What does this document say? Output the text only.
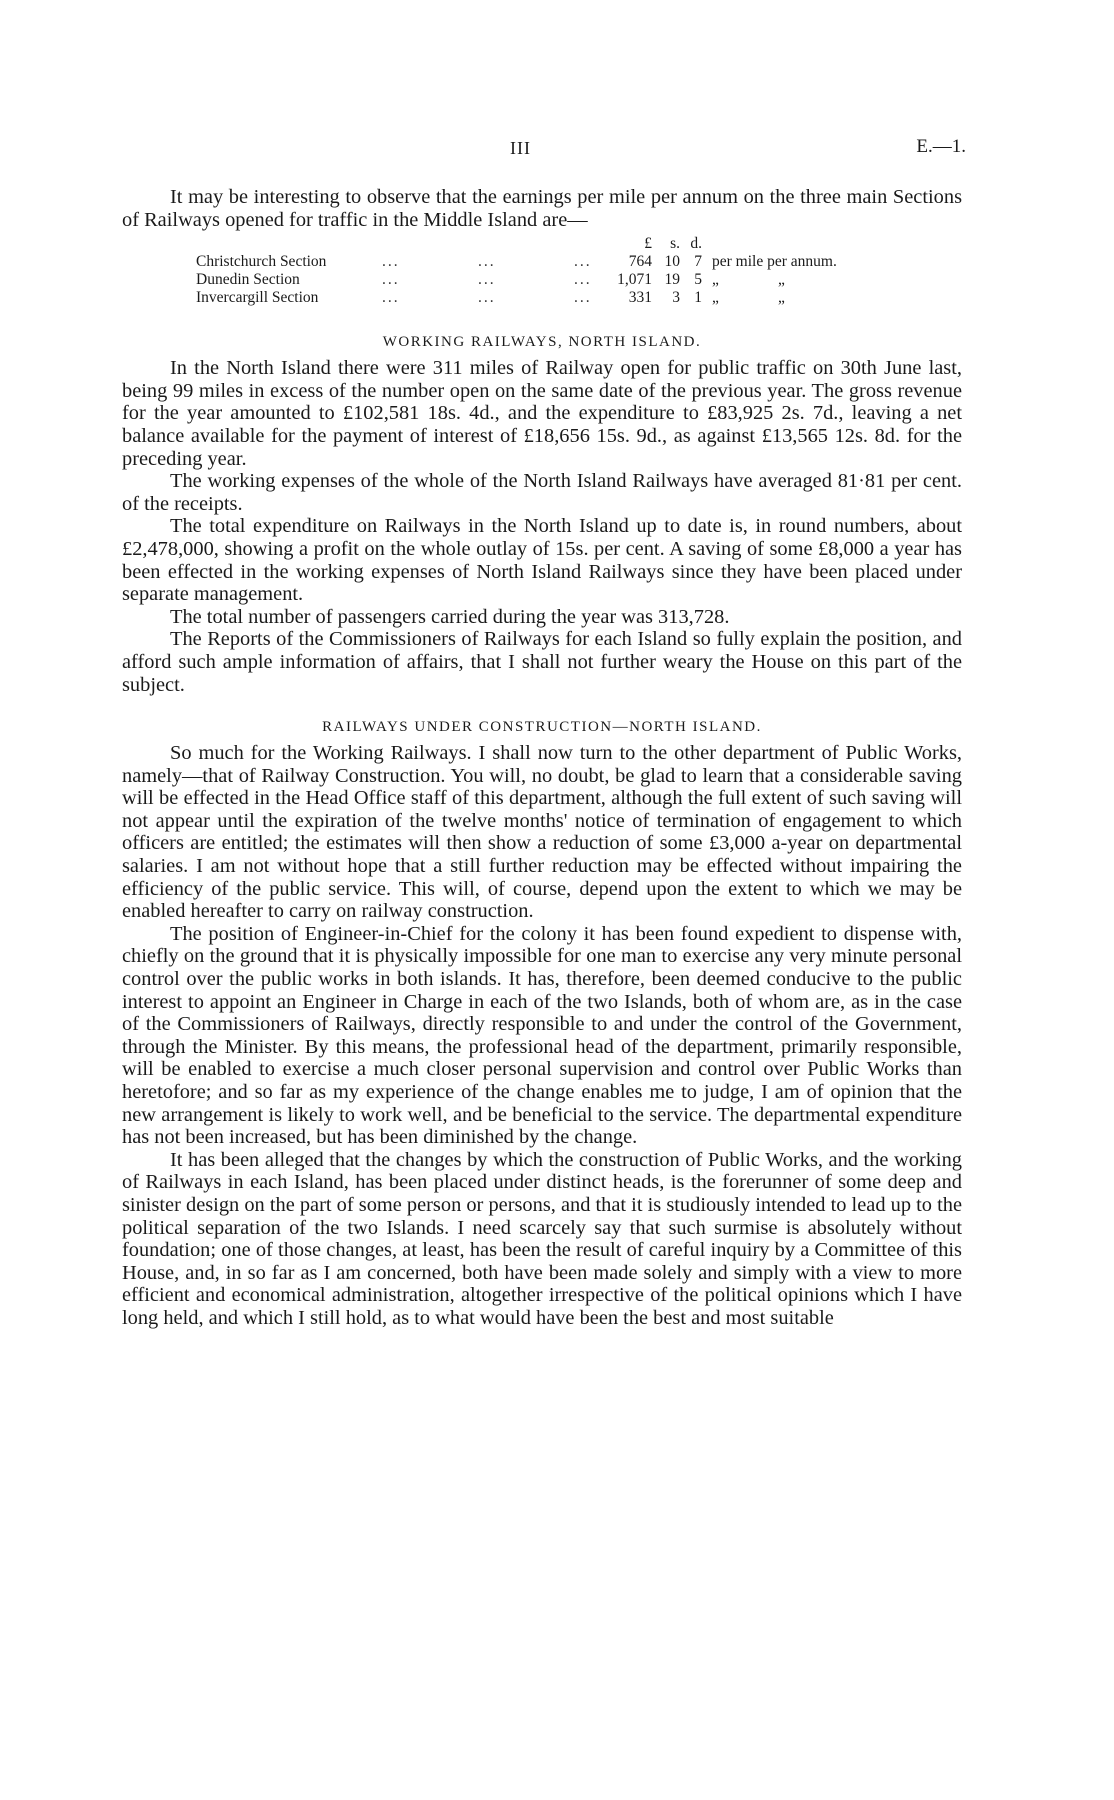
III	E.—1.

It may be interesting to observe that the earnings per mile per annum on the three main Sections of Railways opened for traffic in the Middle Island are—

				£	s.	d.	
Christchurch Section	...	...	...	764	10	7	per mile per annum.
Dunedin Section	...	...	...	1,071	19	5	„ „
Invercargill Section	...	...	...	331	3	1	„ „
WORKING RAILWAYS, NORTH ISLAND.

In the North Island there were 311 miles of Railway open for public traffic on 30th June last, being 99 miles in excess of the number open on the same date of the previous year. The gross revenue for the year amounted to £102,581 18s. 4d., and the expenditure to £83,925 2s. 7d., leaving a net balance available for the payment of interest of £18,656 15s. 9d., as against £13,565 12s. 8d. for the preceding year.

The working expenses of the whole of the North Island Railways have averaged 81·81 per cent. of the receipts.

The total expenditure on Railways in the North Island up to date is, in round numbers, about £2,478,000, showing a profit on the whole outlay of 15s. per cent. A saving of some £8,000 a year has been effected in the working expenses of North Island Railways since they have been placed under separate management.

The total number of passengers carried during the year was 313,728.

The Reports of the Commissioners of Railways for each Island so fully explain the position, and afford such ample information of affairs, that I shall not further weary the House on this part of the subject.

RAILWAYS UNDER CONSTRUCTION—NORTH ISLAND.

So much for the Working Railways. I shall now turn to the other department of Public Works, namely—that of Railway Construction. You will, no doubt, be glad to learn that a considerable saving will be effected in the Head Office staff of this department, although the full extent of such saving will not appear until the expiration of the twelve months' notice of termination of engagement to which officers are entitled; the estimates will then show a reduction of some £3,000 a-year on departmental salaries. I am not without hope that a still further reduction may be effected without impairing the efficiency of the public service. This will, of course, depend upon the extent to which we may be enabled hereafter to carry on railway construction.

The position of Engineer-in-Chief for the colony it has been found expedient to dispense with, chiefly on the ground that it is physically impossible for one man to exercise any very minute personal control over the public works in both islands. It has, therefore, been deemed conducive to the public interest to appoint an Engineer in Charge in each of the two Islands, both of whom are, as in the case of the Commissioners of Railways, directly responsible to and under the control of the Government, through the Minister. By this means, the professional head of the department, primarily responsible, will be enabled to exercise a much closer personal supervision and control over Public Works than heretofore; and so far as my experience of the change enables me to judge, I am of opinion that the new arrangement is likely to work well, and be beneficial to the service. The departmental expenditure has not been increased, but has been diminished by the change.

It has been alleged that the changes by which the construction of Public Works, and the working of Railways in each Island, has been placed under distinct heads, is the forerunner of some deep and sinister design on the part of some person or persons, and that it is studiously intended to lead up to the political separation of the two Islands. I need scarcely say that such surmise is absolutely without foundation; one of those changes, at least, has been the result of careful inquiry by a Committee of this House, and, in so far as I am concerned, both have been made solely and simply with a view to more efficient and economical administration, altogether irrespective of the political opinions which I have long held, and which I still hold, as to what would have been the best and most suitable
